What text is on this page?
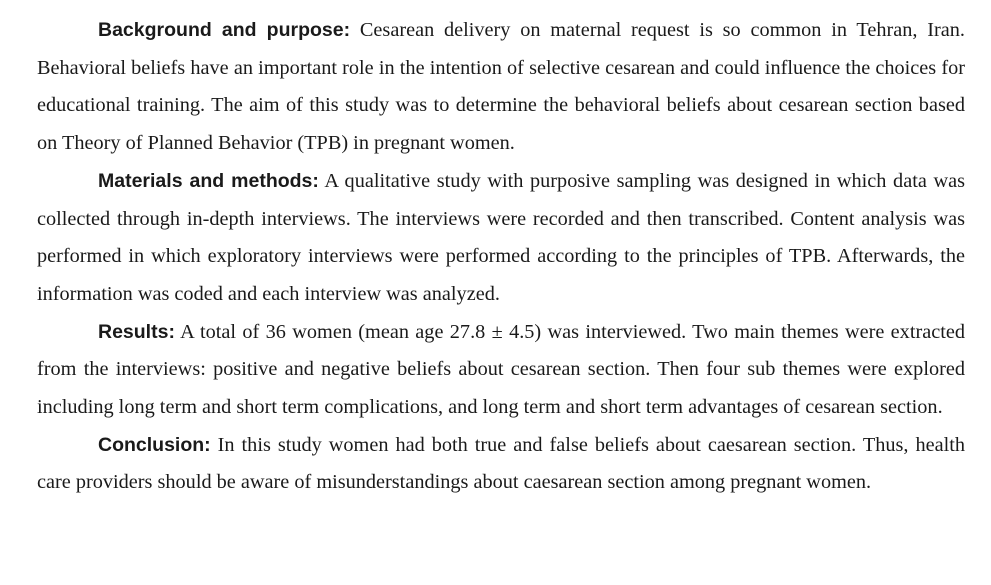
Background and purpose: Cesarean delivery on maternal request is so common in Tehran, Iran. Behavioral beliefs have an important role in the intention of selective cesarean and could influence the choices for educational training. The aim of this study was to determine the behavioral beliefs about cesarean section based on Theory of Planned Behavior (TPB) in pregnant women.

Materials and methods: A qualitative study with purposive sampling was designed in which data was collected through in-depth interviews. The interviews were recorded and then transcribed. Content analysis was performed in which exploratory interviews were performed according to the principles of TPB. Afterwards, the information was coded and each interview was analyzed.

Results: A total of 36 women (mean age 27.8 ± 4.5) was interviewed. Two main themes were extracted from the interviews: positive and negative beliefs about cesarean section. Then four sub themes were explored including long term and short term complications, and long term and short term advantages of cesarean section.

Conclusion: In this study women had both true and false beliefs about caesarean section. Thus, health care providers should be aware of misunderstandings about caesarean section among pregnant women.
